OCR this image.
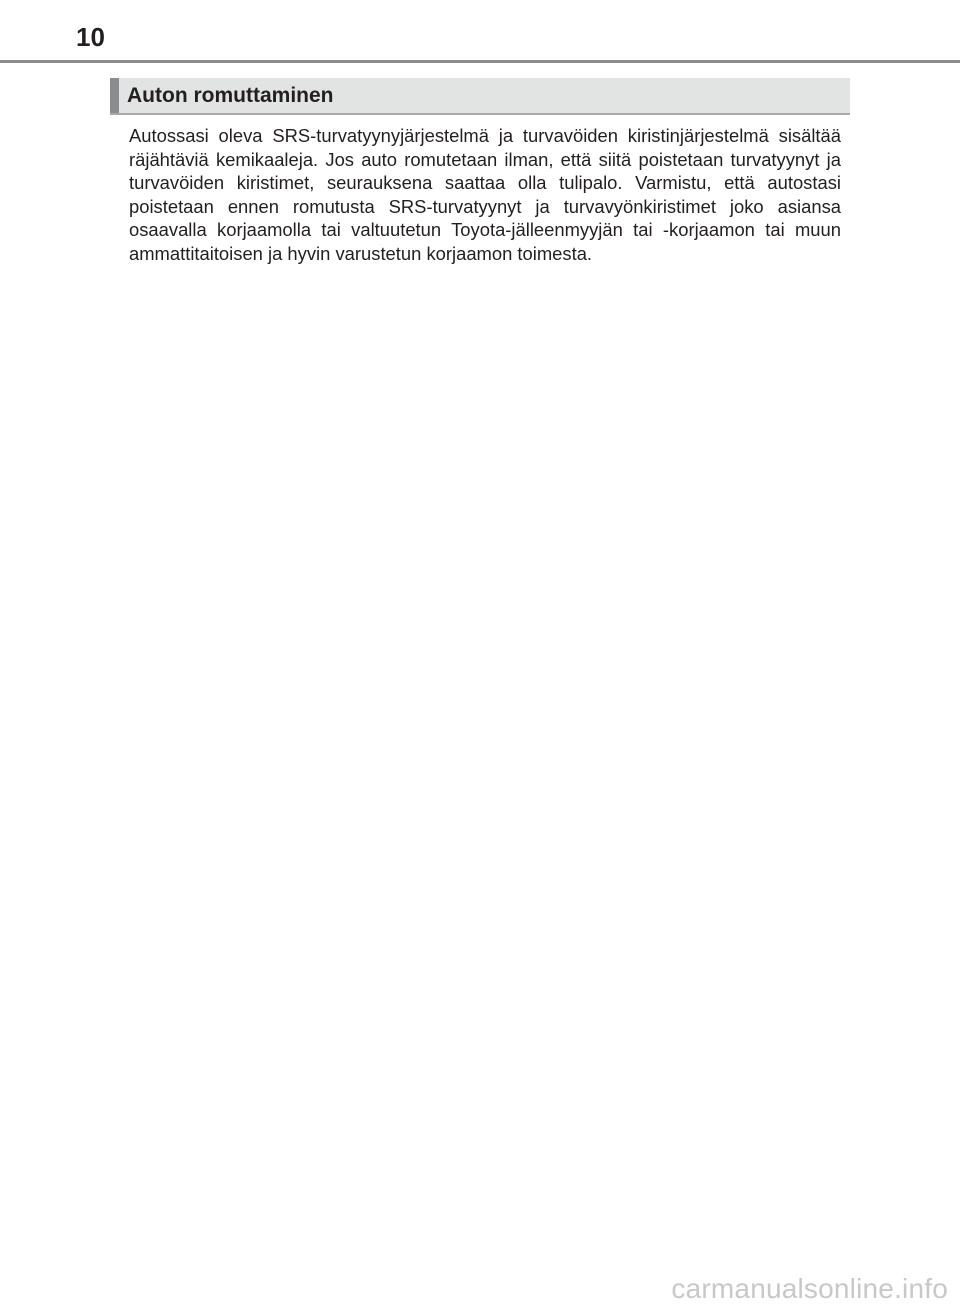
10
Auton romuttaminen

Autossasi oleva SRS-turvatyynyjärjestelmä ja turvavöiden kiristinjärjestelmä sisältää räjähtäviä kemikaaleja. Jos auto romutetaan ilman, että siitä poistetaan turvatyynyt ja turvavöiden kiristimet, seurauksena saattaa olla tulipalo. Varmistu, että autostasi poistetaan ennen romutusta SRS-turvatyynyt ja turvavyönkiristimet joko asiansa osaavalla korjaamolla tai valtuutetun Toyota-jälleenmyyjän tai -korjaamon tai muun ammattitaitoisen ja hyvin varustetun korjaamon toimesta.

carmanualsonline.info
